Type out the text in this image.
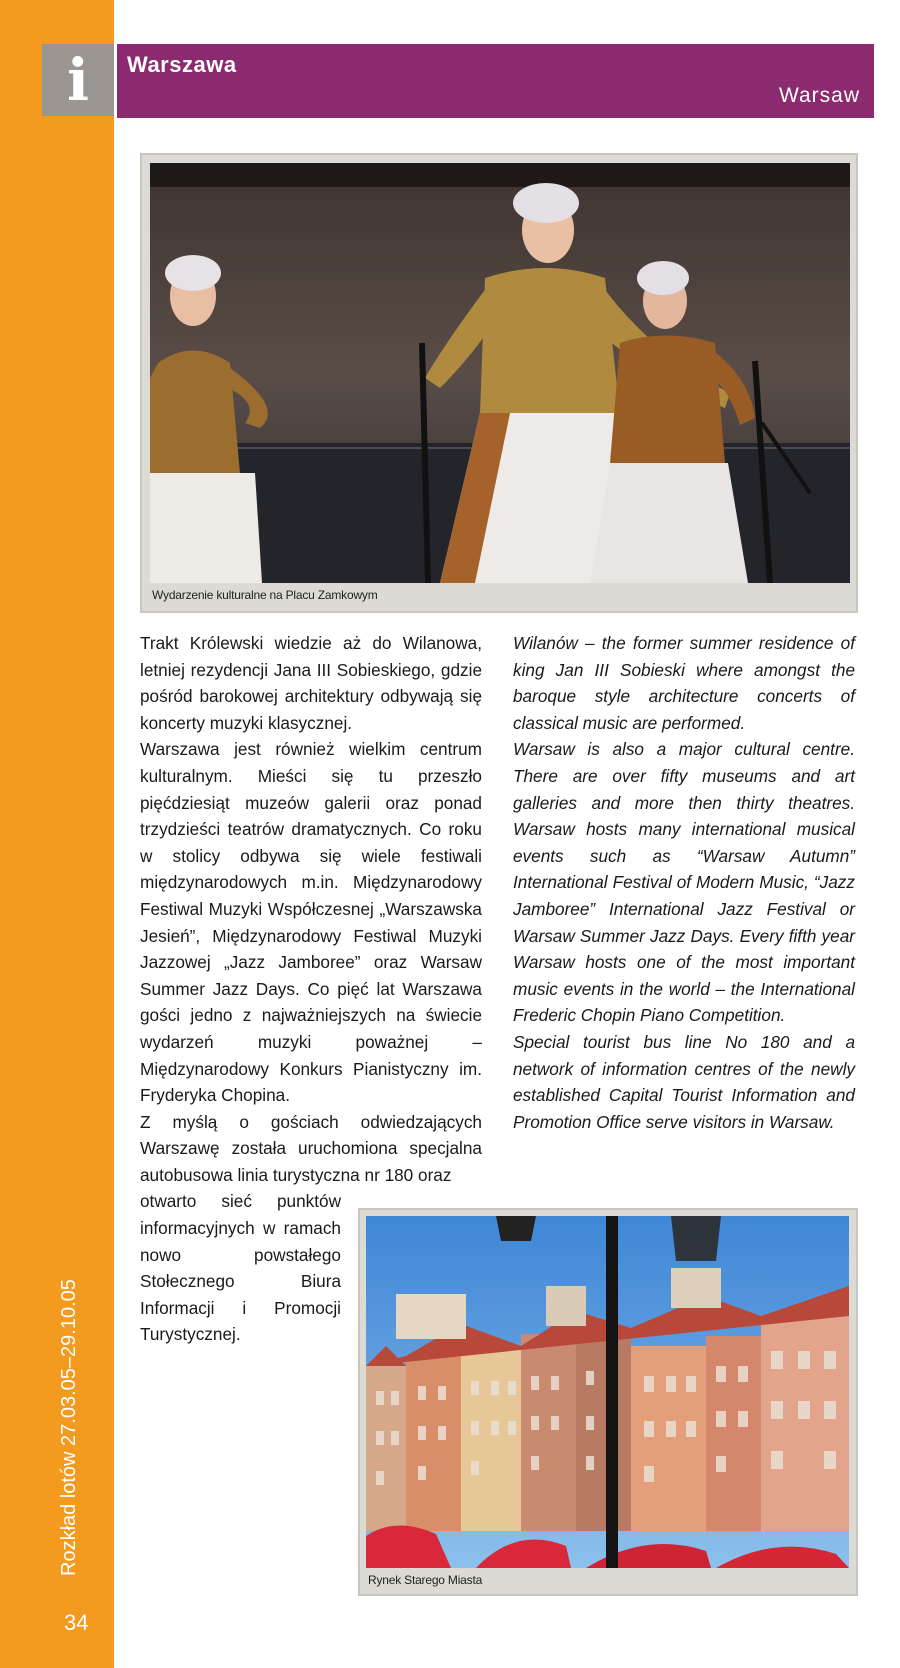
i
Rozkład lotów 27.03.05–29.10.05
34
Warszawa
Warsaw
Wydarzenie kulturalne na Placu Zamkowym

Trakt Królewski wiedzie aż do Wilanowa, letniej rezydencji Jana III Sobieskiego, gdzie pośród barokowej architektury odbywają się koncerty muzyki klasycznej.

Warszawa jest również wielkim centrum kulturalnym. Mieści się tu przeszło pięćdziesiąt muzeów galerii oraz ponad trzydzieści teatrów dramatycznych. Co roku w stolicy odbywa się wiele festiwali międzynarodowych m.in. Międzynarodowy Festiwal Muzyki Współczesnej „Warszawska Jesień”, Międzynarodowy Festiwal Muzyki Jazzowej „Jazz Jamboree” oraz Warsaw Summer Jazz Days. Co pięć lat Warszawa gości jedno z najważniejszych na świecie wydarzeń muzyki poważnej – Międzynarodowy Konkurs Pianistyczny im. Fryderyka Chopina.

Z myślą o gościach odwiedzających Warszawę została uruchomiona specjalna autobusowa linia turystyczna nr 180 oraz

otwarto sieć punktów informacyjnych w ramach nowo powstałego Stołecznego Biura Informacji i Promocji Turystycznej.

Wilanów – the former summer residence of king Jan III Sobieski where amongst the baroque style architecture concerts of classical music are performed.

Warsaw is also a major cultural centre. There are over fifty museums and art galleries and more then thirty theatres. Warsaw hosts many international musical events such as “Warsaw Autumn” International Festival of Modern Music, “Jazz Jamboree” International Jazz Festival or Warsaw Summer Jazz Days. Every fifth year Warsaw hosts one of the most important music events in the world – the International Frederic Chopin Piano Competition.

Special tourist bus line No 180 and a network of information centres of the newly established Capital Tourist Information and Promotion Office serve visitors in Warsaw.

Rynek Starego Miasta
